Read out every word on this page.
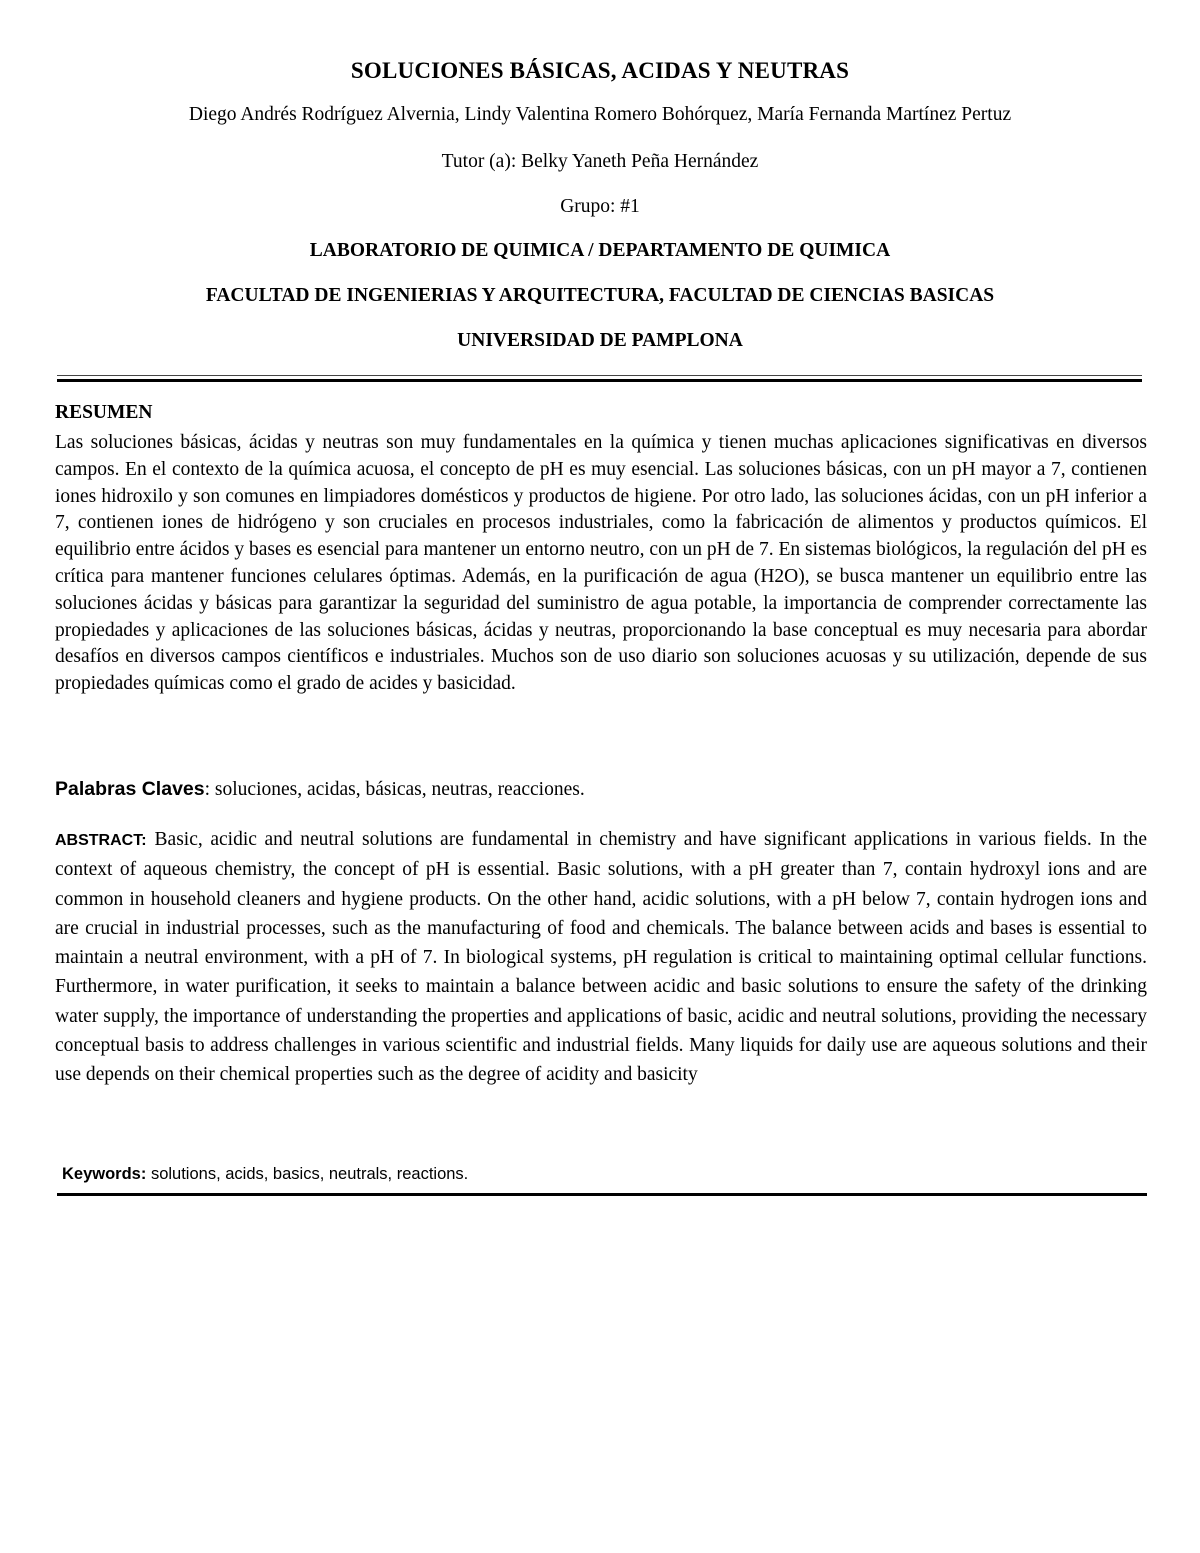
SOLUCIONES BÁSICAS, ACIDAS Y NEUTRAS
Diego Andrés Rodríguez Alvernia, Lindy Valentina Romero Bohórquez, María Fernanda Martínez Pertuz
Tutor (a): Belky Yaneth Peña Hernández
Grupo: #1
LABORATORIO DE QUIMICA / DEPARTAMENTO DE QUIMICA
FACULTAD DE INGENIERIAS Y ARQUITECTURA, FACULTAD DE CIENCIAS BASICAS
UNIVERSIDAD DE PAMPLONA
RESUMEN
Las soluciones básicas, ácidas y neutras son muy fundamentales en la química y tienen muchas aplicaciones significativas en diversos campos. En el contexto de la química acuosa, el concepto de pH es muy esencial. Las soluciones básicas, con un pH mayor a 7, contienen iones hidroxilo y son comunes en limpiadores domésticos y productos de higiene. Por otro lado, las soluciones ácidas, con un pH inferior a 7, contienen iones de hidrógeno y son cruciales en procesos industriales, como la fabricación de alimentos y productos químicos. El equilibrio entre ácidos y bases es esencial para mantener un entorno neutro, con un pH de 7. En sistemas biológicos, la regulación del pH es crítica para mantener funciones celulares óptimas. Además, en la purificación de agua (H2O), se busca mantener un equilibrio entre las soluciones ácidas y básicas para garantizar la seguridad del suministro de agua potable, la importancia de comprender correctamente las propiedades y aplicaciones de las soluciones básicas, ácidas y neutras, proporcionando la base conceptual es muy necesaria para abordar desafíos en diversos campos científicos e industriales. Muchos son de uso diario son soluciones acuosas y su utilización, depende de sus propiedades químicas como el grado de acides y basicidad.
Palabras Claves: soluciones, acidas, básicas, neutras, reacciones.
ABSTRACT: Basic, acidic and neutral solutions are fundamental in chemistry and have significant applications in various fields. In the context of aqueous chemistry, the concept of pH is essential. Basic solutions, with a pH greater than 7, contain hydroxyl ions and are common in household cleaners and hygiene products. On the other hand, acidic solutions, with a pH below 7, contain hydrogen ions and are crucial in industrial processes, such as the manufacturing of food and chemicals. The balance between acids and bases is essential to maintain a neutral environment, with a pH of 7. In biological systems, pH regulation is critical to maintaining optimal cellular functions. Furthermore, in water purification, it seeks to maintain a balance between acidic and basic solutions to ensure the safety of the drinking water supply, the importance of understanding the properties and applications of basic, acidic and neutral solutions, providing the necessary conceptual basis to address challenges in various scientific and industrial fields. Many liquids for daily use are aqueous solutions and their use depends on their chemical properties such as the degree of acidity and basicity
Keywords: solutions, acids, basics, neutrals, reactions.
